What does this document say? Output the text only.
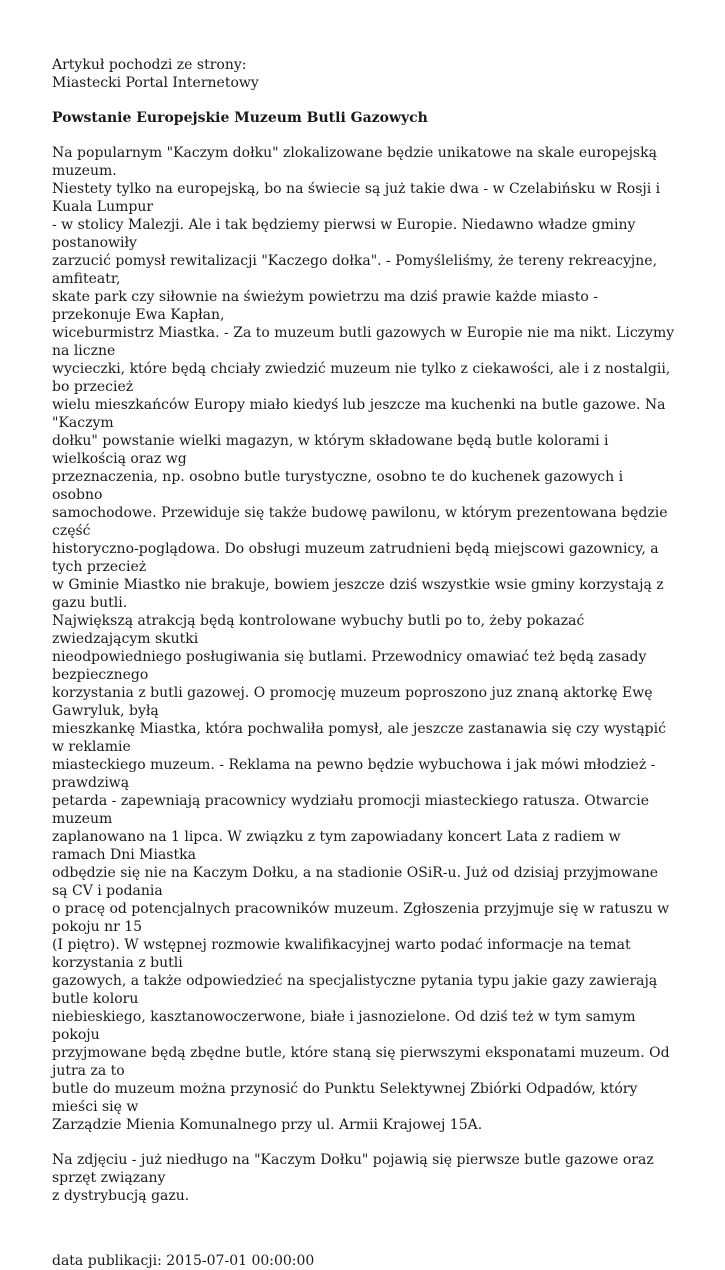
Artykuł pochodzi ze strony:
Miastecki Portal Internetowy
Powstanie Europejskie Muzeum Butli Gazowych

Na popularnym "Kaczym dołku" zlokalizowane będzie unikatowe na skale europejską muzeum.
Niestety tylko na europejską, bo na świecie są już takie dwa - w Czelabińsku w Rosji i Kuala Lumpur
- w stolicy Malezji. Ale i tak będziemy pierwsi w Europie. Niedawno władze gminy postanowiły
zarzucić pomysł rewitalizacji "Kaczego dołka". - Pomyśleliśmy, że tereny rekreacyjne, amfiteatr,
skate park czy siłownie na świeżym powietrzu ma dziś prawie każde miasto - przekonuje Ewa Kapłan,
wiceburmistrz Miastka. - Za to muzeum butli gazowych w Europie nie ma nikt. Liczymy na liczne
wycieczki, które będą chciały zwiedzić muzeum nie tylko z ciekawości, ale i z nostalgii, bo przecież
wielu mieszkańców Europy miało kiedyś lub jeszcze ma kuchenki na butle gazowe. Na "Kaczym
dołku" powstanie wielki magazyn, w którym składowane będą butle kolorami i wielkością oraz wg
przeznaczenia, np. osobno butle turystyczne, osobno te do kuchenek gazowych i osobno
samochodowe. Przewiduje się także budowę pawilonu, w którym prezentowana będzie część
historyczno-poglądowa. Do obsługi muzeum zatrudnieni będą miejscowi gazownicy, a tych przecież
w Gminie Miastko nie brakuje, bowiem jeszcze dziś wszystkie wsie gminy korzystają z gazu butli.
Największą atrakcją będą kontrolowane wybuchy butli po to, żeby pokazać zwiedzającym skutki
nieodpowiedniego posługiwania się butlami. Przewodnicy omawiać też będą zasady bezpiecznego
korzystania z butli gazowej. O promocję muzeum poproszono juz znaną aktorkę Ewę Gawryluk, byłą
mieszkankę Miastka, która pochwaliła pomysł, ale jeszcze zastanawia się czy wystąpić w reklamie
miasteckiego muzeum. - Reklama na pewno będzie wybuchowa i jak mówi młodzież - prawdziwą
petarda - zapewniają pracownicy wydziału promocji miasteckiego ratusza. Otwarcie muzeum
zaplanowano na 1 lipca. W związku z tym zapowiadany koncert Lata z radiem w ramach Dni Miastka
odbędzie się nie na Kaczym Dołku, a na stadionie OSiR-u. Już od dzisiaj przyjmowane są CV i podania
o pracę od potencjalnych pracowników muzeum. Zgłoszenia przyjmuje się w ratuszu w pokoju nr 15
(I piętro). W wstępnej rozmowie kwalifikacyjnej warto podać informacje na temat korzystania z butli
gazowych, a także odpowiedzieć na specjalistyczne pytania typu jakie gazy zawierają butle koloru
niebieskiego, kasztanowoczerwone, białe i jasnozielone. Od dziś też w tym samym pokoju
przyjmowane będą zbędne butle, które staną się pierwszymi eksponatami muzeum. Od jutra za to
butle do muzeum można przynosić do Punktu Selektywnej Zbiórki Odpadów, który mieści się w
Zarządzie Mienia Komunalnego przy ul. Armii Krajowej 15A.

Na zdjęciu - już niedługo na "Kaczym Dołku" pojawią się pierwsze butle gazowe oraz sprzęt związany
z dystrybucją gazu.

data publikacji: 2015-07-01 00:00:00
